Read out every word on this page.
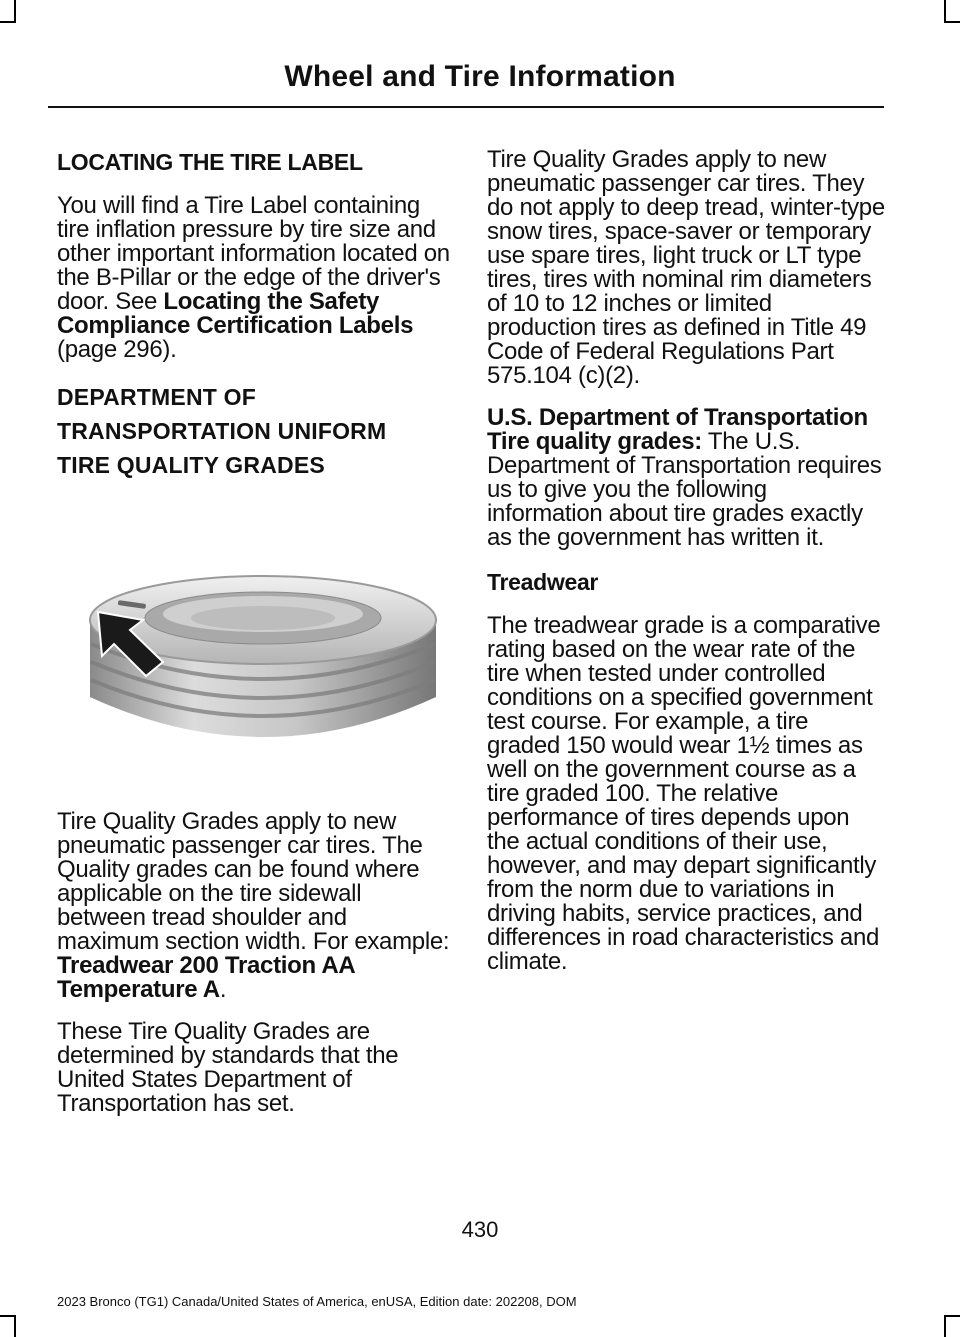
Wheel and Tire Information
LOCATING THE TIRE LABEL

You will find a Tire Label containing tire inflation pressure by tire size and other important information located on the B-Pillar or the edge of the driver's door. See Locating the Safety Compliance Certification Labels (page 296).

DEPARTMENT OF
TRANSPORTATION UNIFORM
TIRE QUALITY GRADES

Tire Quality Grades apply to new pneumatic passenger car tires. The Quality grades can be found where applicable on the tire sidewall between tread shoulder and maximum section width. For example: Treadwear 200 Traction AA Temperature A.

These Tire Quality Grades are determined by standards that the United States Department of Transportation has set.

Tire Quality Grades apply to new pneumatic passenger car tires. They do not apply to deep tread, winter-type snow tires, space-saver or temporary use spare tires, light truck or LT type tires, tires with nominal rim diameters of 10 to 12 inches or limited production tires as defined in Title 49 Code of Federal Regulations Part 575.104 (c)(2).

U.S. Department of Transportation Tire quality grades: The U.S. Department of Transportation requires us to give you the following information about tire grades exactly as the government has written it.

Treadwear

The treadwear grade is a comparative rating based on the wear rate of the tire when tested under controlled conditions on a specified government test course. For example, a tire graded 150 would wear 1½ times as well on the government course as a tire graded 100. The relative performance of tires depends upon the actual conditions of their use, however, and may depart significantly from the norm due to variations in driving habits, service practices, and differences in road characteristics and climate.

430

2023 Bronco (TG1) Canada/United States of America, enUSA, Edition date: 202208, DOM
